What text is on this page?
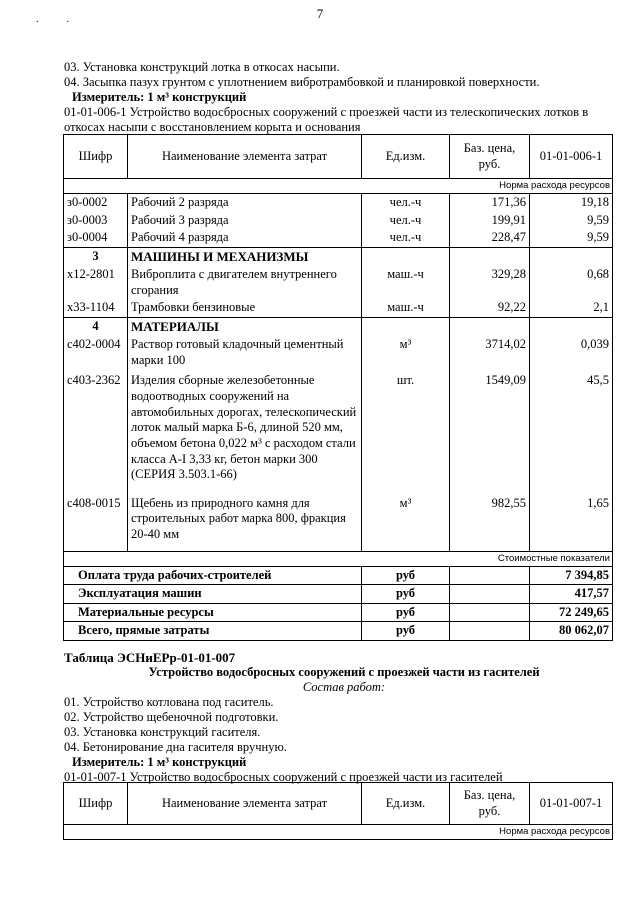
7
..
03. Установка конструкций лотка в откосах насыпи.
04. Засыпка пазух грунтом с уплотнением вибротрамбовкой и планировкой поверхности.
Измеритель: 1 м³ конструкций
01-01-006-1 Устройство водосбросных сооружений с проезжей части из телескопических лотков в
откосах насыпи с восстановлением корыта и основания
Шифр	Наименование элемента затрат	Ед.изм.	Баз. цена, руб.	01-01-006-1
Норма расхода ресурсов				
з0-0002	Рабочий 2 разряда	чел.-ч	171,36	19,18
з0-0003	Рабочий 3 разряда	чел.-ч	199,91	9,59
з0-0004	Рабочий 4 разряда	чел.-ч	228,47	9,59
3	МАШИНЫ И МЕХАНИЗМЫ			
х12-2801	Виброплита с двигателем внутреннего сгорания	маш.-ч	329,28	0,68
х33-1104	Трамбовки бензиновые	маш.-ч	92,22	2,1
4	МАТЕРИАЛЫ			
с402-0004	Раствор готовый кладочный цементный марки 100	м³	3714,02	0,039
с403-2362	Изделия сборные железобетонные водоотводных сооружений на автомобильных дорогах, телескопический лоток малый марка Б-6, длиной 520 мм, объемом бетона 0,022 м³ с расходом стали класса А-I 3,33 кг, бетон марки 300 (СЕРИЯ 3.503.1-66)	шт.	1549,09	45,5
с408-0015	Щебень из природного камня для строительных работ марка 800, фракция 20-40 мм	м³	982,55	1,65
Стоимостные показатели				
Оплата труда рабочих-строителей		руб		7 394,85
Эксплуатация машин		руб		417,57
Материальные ресурсы		руб		72 249,65
Всего, прямые затраты		руб		80 062,07
Таблица ЭСНиЕРр-01-01-007
Устройство водосбросных сооружений с проезжей части из гасителей
Состав работ:
01. Устройство котлована под гаситель.
02. Устройство щебеночной подготовки.
03. Установка конструкций гасителя.
04. Бетонирование дна гасителя вручную.
Измеритель: 1 м³ конструкций
01-01-007-1 Устройство водосбросных сооружений с проезжей части из гасителей
Шифр	Наименование элемента затрат	Ед.изм.	Баз. цена, руб.	01-01-007-1
Норма расхода ресурсов
